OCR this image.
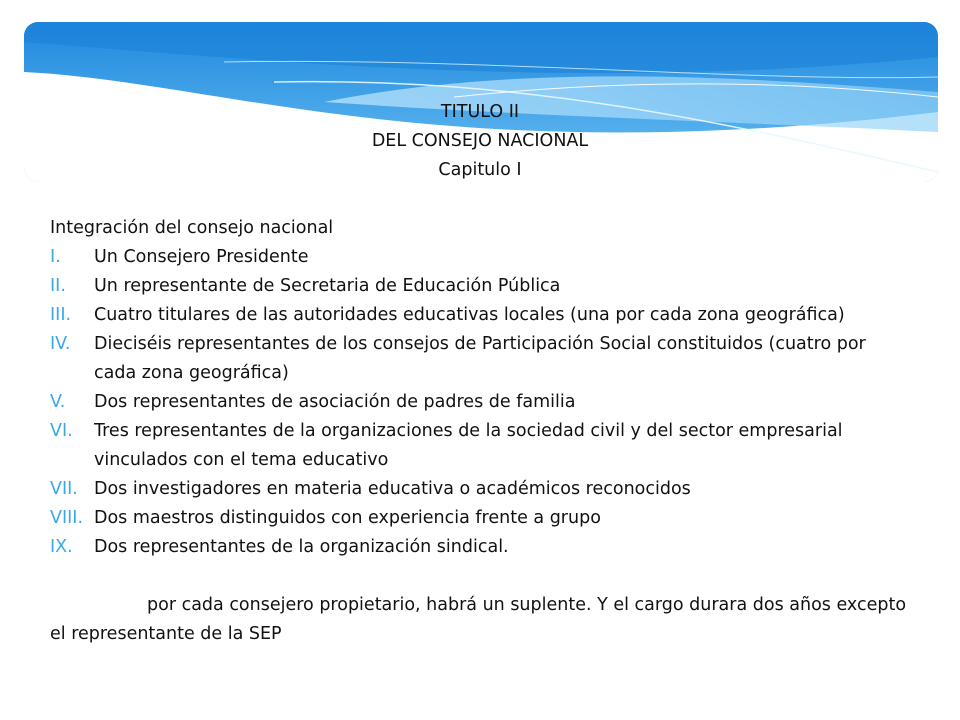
TITULO II
DEL CONSEJO NACIONAL
Capitulo I
Integración del consejo nacional
I.	Un Consejero Presidente
II.	Un representante de Secretaria de Educación Pública
III.	Cuatro titulares de las autoridades educativas locales (una por cada zona geográfica)
IV.	Dieciséis representantes de los consejos de Participación Social constituidos (cuatro por cada zona geográfica)
V.	Dos representantes de asociación de padres de familia
VI.	Tres representantes de la organizaciones de la sociedad civil y del sector empresarial vinculados con el tema educativo
VII. Dos investigadores en materia educativa o académicos reconocidos
VIII. Dos maestros distinguidos con experiencia frente a grupo
IX.	Dos representantes de la organización sindical.
por cada consejero propietario, habrá un suplente. Y el cargo durara dos años excepto el representante de la SEP
